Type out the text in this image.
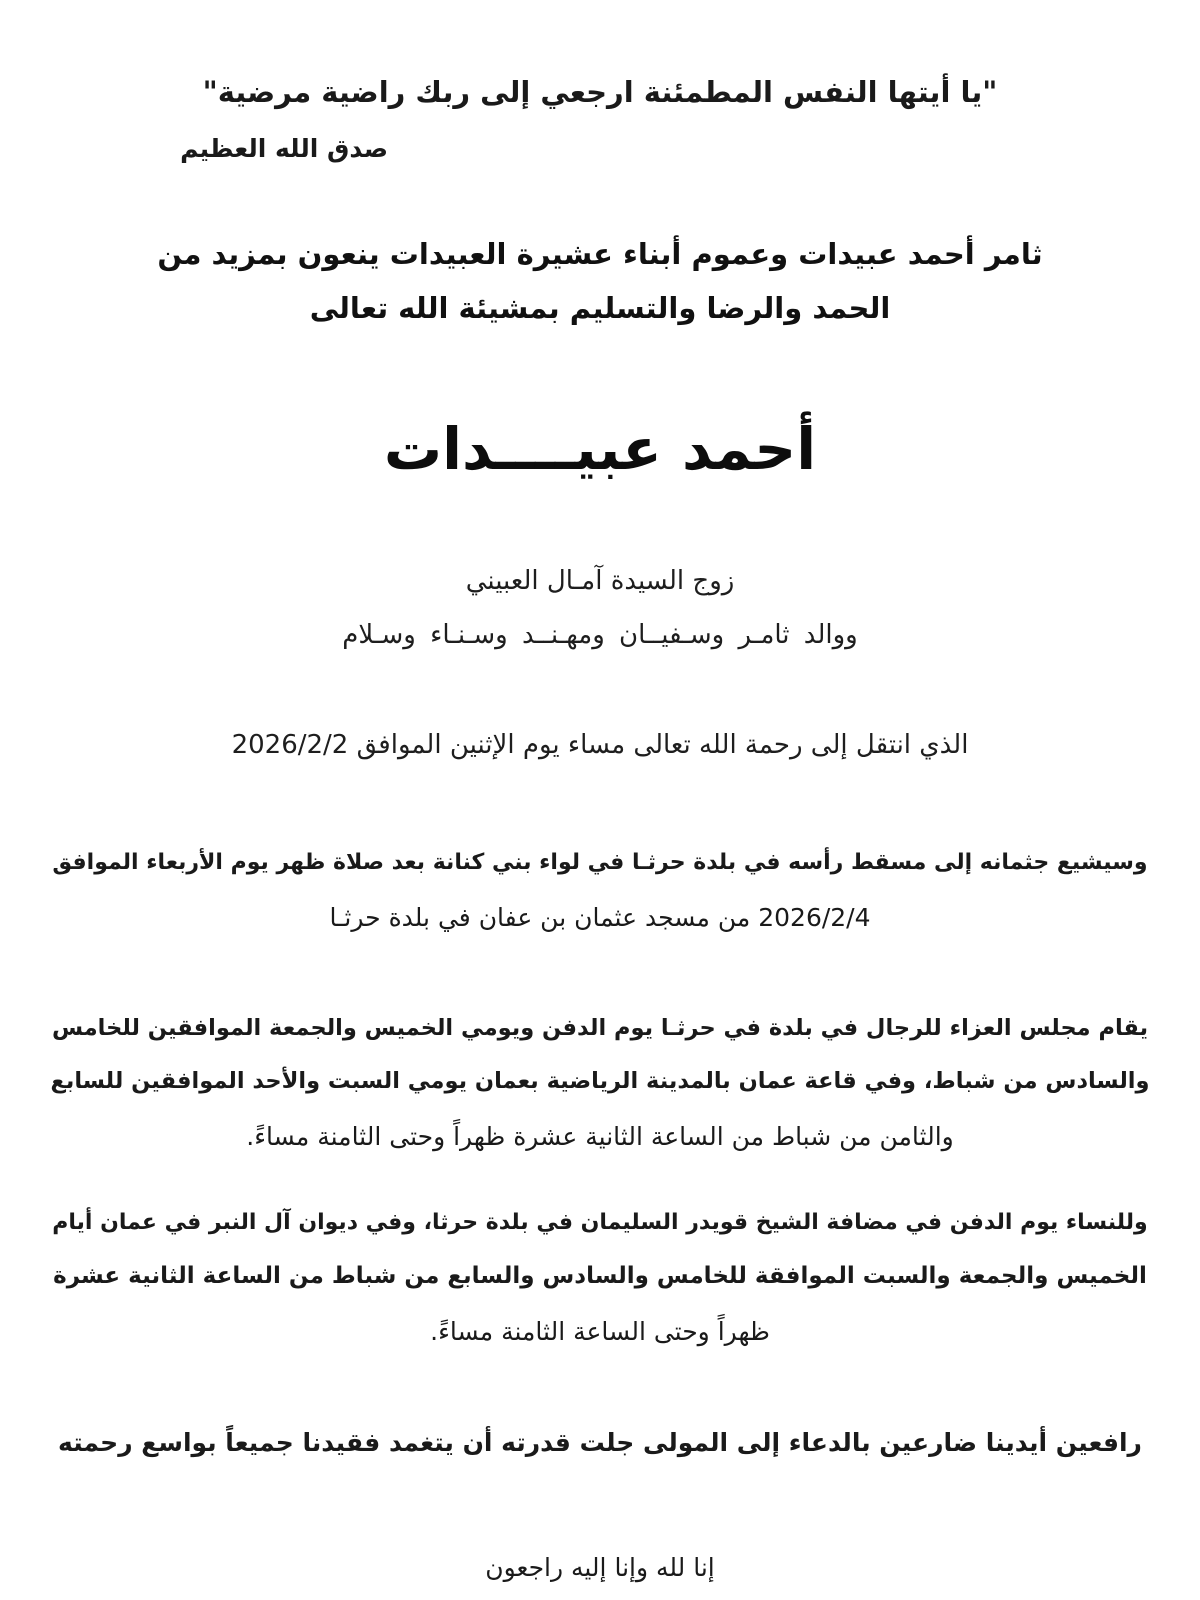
"يا أيتها النفس المطمئنة ارجعي إلى ربك راضية مرضية"
صدق الله العظيم
ثامر أحمد عبيدات وعموم أبناء عشيرة العبيدات ينعون بمزيد من
الحمد والرضا والتسليم بمشيئة الله تعالى
أحمد عبيــــدات
زوج السيدة آمـال العبيني
ووالد ثامـر وسـفيــان ومهـنــد وسـنـاء وسـلام
الذي انتقل إلى رحمة الله تعالى مساء يوم الإثنين الموافق 2026/2/2
وسيشيع جثمانه إلى مسقط رأسه في بلدة حرثـا في لواء بني كنانة بعد صلاة ظهر يوم الأربعاء الموافق
2026/2/4 من مسجد عثمان بن عفان في بلدة حرثـا
يقام مجلس العزاء للرجال في بلدة في حرثـا يوم الدفن ويومي الخميس والجمعة الموافقين للخامس
والسادس من شباط، وفي قاعة عمان بالمدينة الرياضية بعمان يومي السبت والأحد الموافقين للسابع
والثامن من شباط من الساعة الثانية عشرة ظهراً وحتى الثامنة مساءً.
وللنساء يوم الدفن في مضافة الشيخ قويدر السليمان في بلدة حرثا، وفي ديوان آل النبر في عمان أيام
الخميس والجمعة والسبت الموافقة للخامس والسادس والسابع من شباط من الساعة الثانية عشرة
ظهراً وحتى الساعة الثامنة مساءً.
رافعين أيدينا ضارعين بالدعاء إلى المولى جلت قدرته أن يتغمد فقيدنا جميعاً بواسع رحمته
إنا لله وإنا إليه راجعون
